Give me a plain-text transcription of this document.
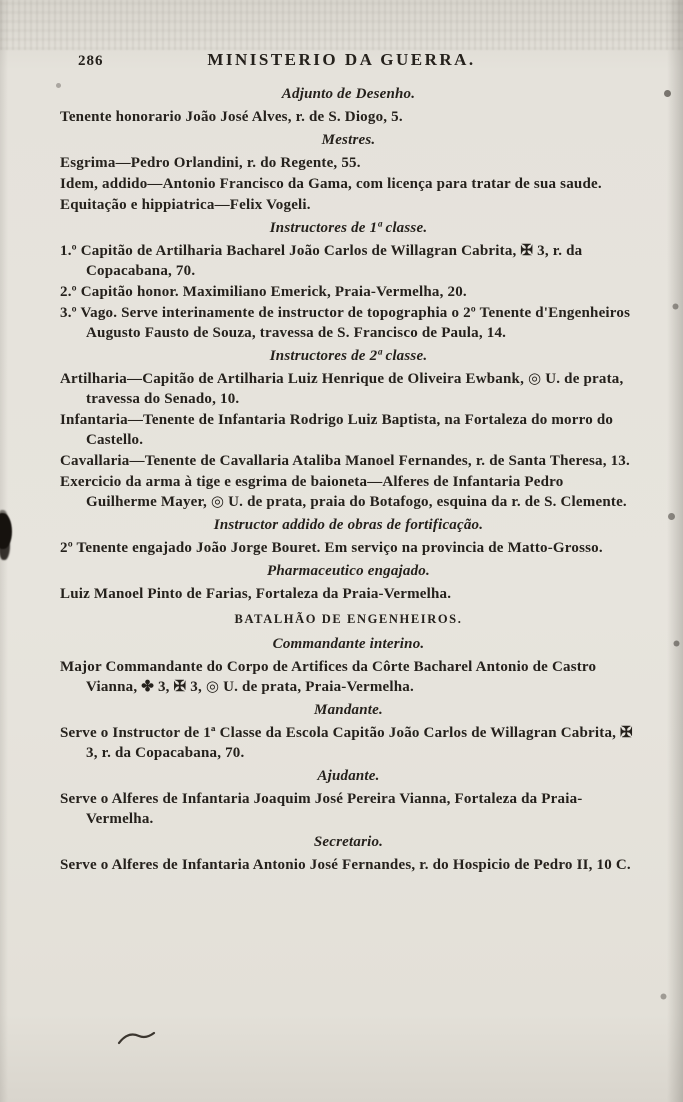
286	MINISTERIO DA GUERRA.

Adjunto de Desenho.

Tenente honorario João José Alves, r. de S. Diogo, 5.

Mestres.

Esgrima—Pedro Orlandini, r. do Regente, 55.

Idem, addido—Antonio Francisco da Gama, com licença para tratar de sua saude.

Equitação e hippiatrica—Felix Vogeli.

Instructores de 1ª classe.

1.º Capitão de Artilharia Bacharel João Carlos de Willagran Cabrita, ✠ 3, r. da Copacabana, 70.

2.º Capitão honor. Maximiliano Emerick, Praia-Vermelha, 20.

3.º Vago. Serve interinamente de instructor de topographia o 2º Tenente d'Engenheiros Augusto Fausto de Souza, travessa de S. Francisco de Paula, 14.

Instructores de 2ª classe.

Artilharia—Capitão de Artilharia Luiz Henrique de Oliveira Ewbank, ◎ U. de prata, travessa do Senado, 10.

Infantaria—Tenente de Infantaria Rodrigo Luiz Baptista, na Fortaleza do morro do Castello.

Cavallaria—Tenente de Cavallaria Ataliba Manoel Fernandes, r. de Santa Theresa, 13.

Exercicio da arma à tige e esgrima de baioneta—Alferes de Infantaria Pedro Guilherme Mayer, ◎ U. de prata, praia do Botafogo, esquina da r. de S. Clemente.

Instructor addido de obras de fortificação.

2º Tenente engajado João Jorge Bouret. Em serviço na provincia de Matto-Grosso.

Pharmaceutico engajado.

Luiz Manoel Pinto de Farias, Fortaleza da Praia-Vermelha.

BATALHÃO DE ENGENHEIROS.

Commandante interino.

Major Commandante do Corpo de Artifices da Côrte Bacharel Antonio de Castro Vianna, ✤ 3, ✠ 3, ◎ U. de prata, Praia-Vermelha.

Mandante.

Serve o Instructor de 1ª Classe da Escola Capitão João Carlos de Willagran Cabrita, ✠ 3, r. da Copacabana, 70.

Ajudante.

Serve o Alferes de Infantaria Joaquim José Pereira Vianna, Fortaleza da Praia-Vermelha.

Secretario.

Serve o Alferes de Infantaria Antonio José Fernandes, r. do Hospicio de Pedro II, 10 C.
